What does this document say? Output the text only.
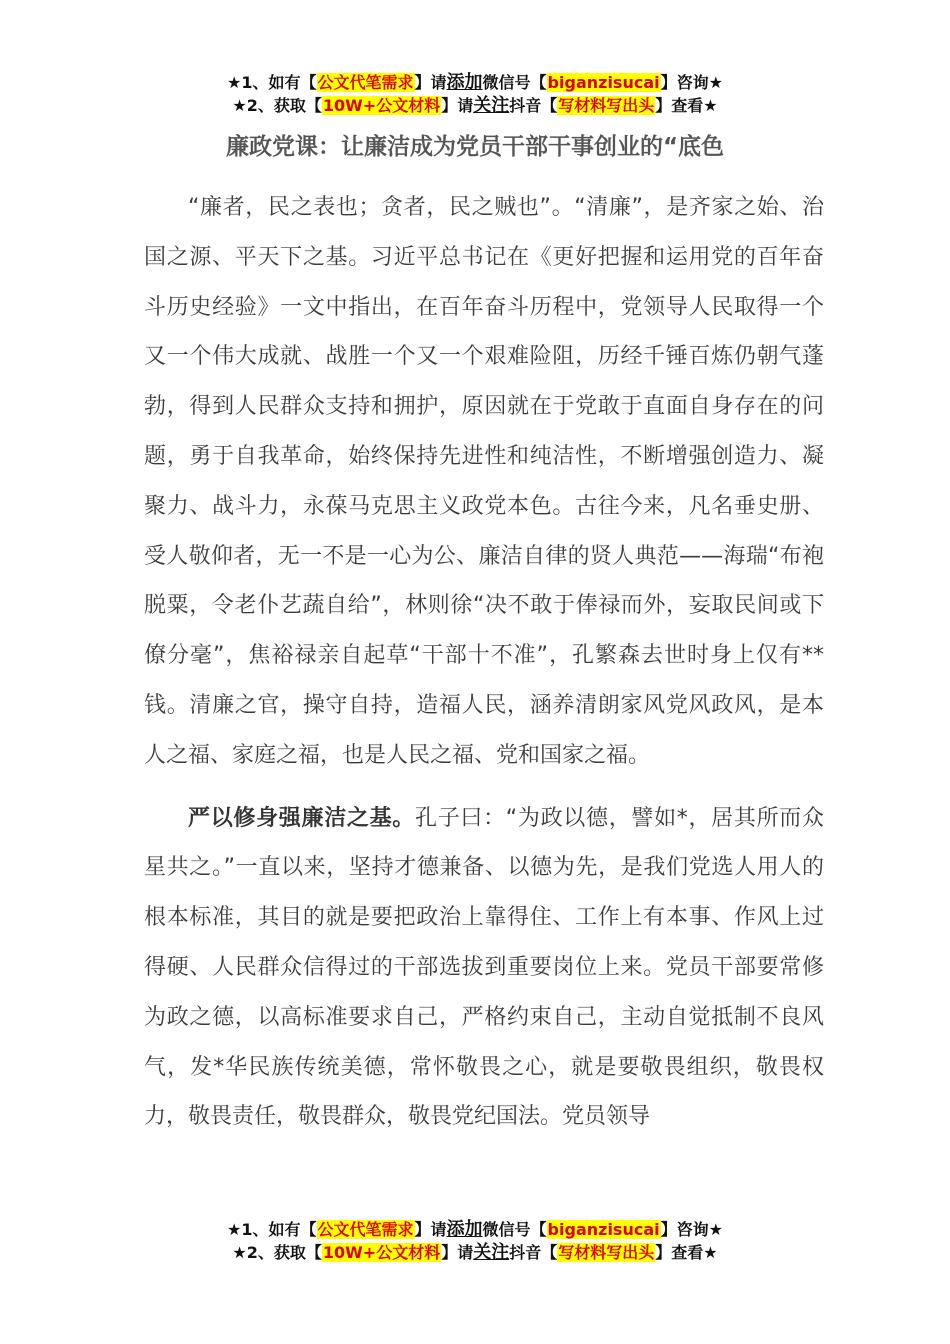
★1、如有【公文代笔需求】请添加微信号【biganzisucai】咨询★
★2、获取【10W+公文材料】请关注抖音【写材料写出头】查看★
廉政党课：让廉洁成为党员干部干事创业的“底色

“廉者，民之表也；贪者，民之贼也”。“清廉”，是齐家之始、治国之源、平天下之基。习近平总书记在《更好把握和运用党的百年奋斗历史经验》一文中指出，在百年奋斗历程中，党领导人民取得一个又一个伟大成就、战胜一个又一个艰难险阻，历经千锤百炼仍朝气蓬勃，得到人民群众支持和拥护，原因就在于党敢于直面自身存在的问题，勇于自我革命，始终保持先进性和纯洁性，不断增强创造力、凝聚力、战斗力，永葆马克思主义政党本色。古往今来，凡名垂史册、受人敬仰者，无一不是一心为公、廉洁自律的贤人典范——海瑞“布袍脱粟，令老仆艺蔬自给”，林则徐“决不敢于俸禄而外，妄取民间或下僚分毫”，焦裕禄亲自起草“干部十不准”，孔繁森去世时身上仅有**钱。清廉之官，操守自持，造福人民，涵养清朗家风党风政风，是本人之福、家庭之福，也是人民之福、党和国家之福。

严以修身强廉洁之基。孔子曰：“为政以德，譬如*，居其所而众星共之。”一直以来，坚持才德兼备、以德为先，是我们党选人用人的根本标准，其目的就是要把政治上靠得住、工作上有本事、作风上过得硬、人民群众信得过的干部选拔到重要岗位上来。党员干部要常修为政之德，以高标准要求自己，严格约束自己，主动自觉抵制不良风气，发*华民族传统美德，常怀敬畏之心，就是要敬畏组织，敬畏权力，敬畏责任，敬畏群众，敬畏党纪国法。党员领导

★1、如有【公文代笔需求】请添加微信号【biganzisucai】咨询★
★2、获取【10W+公文材料】请关注抖音【写材料写出头】查看★
